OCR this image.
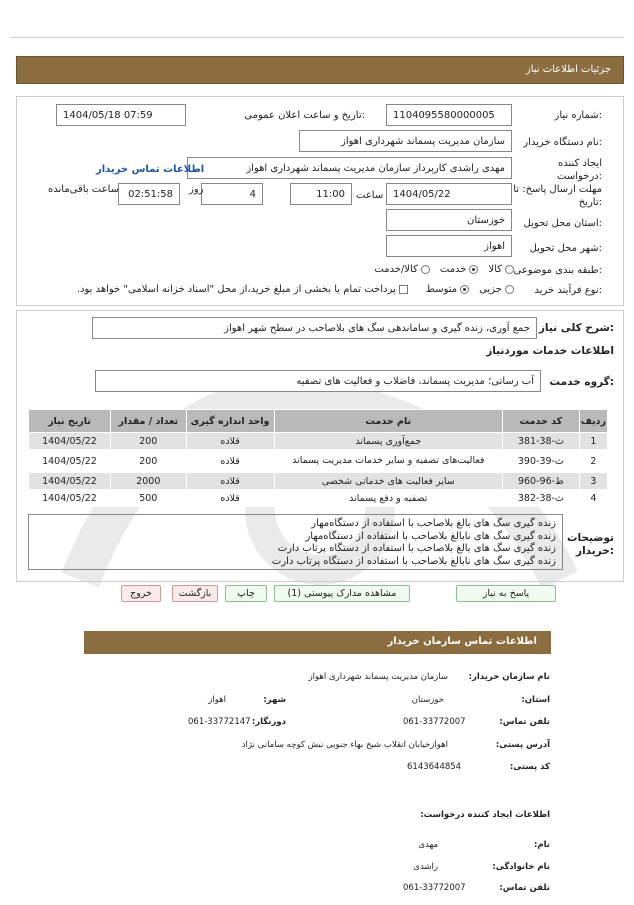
جزئیات اطلاعات نیاز
شماره نیاز:
1104095580000005
تاریخ و ساعت اعلان عمومی:
1404/05/18 07:59
نام دستگاه خریدار:
سازمان مدیریت پسماند شهرداری اهواز
ایجاد کننده درخواست:
مهدی راشدی کارپرداز سازمان مدیریت پسماند شهرداری اهواز
اطلاعات تماس خریدار
مهلت ارسال پاسخ: تا تاریخ:
1404/05/22
ساعت
11:00
4
روز
02:51:58
ساعت باقی‌مانده
استان محل تحویل:
خوزستان
شهر محل تحویل:
اهواز
طبقه بندی موضوعی:
کالا
خدمت
کالا/خدمت
نوع فرآیند خرید:
جزیی
متوسط
پرداخت تمام یا بخشی از مبلغ خرید،از محل "اسناد خزانه اسلامی" خواهد بود.
شرح کلی نیاز:
جمع آوری، زنده گیری و ساماندهی سگ های بلاصاحب در سطح شهر اهواز
اطلاعات خدمات موردنیاز
گروه خدمت:
آب رسانی؛ مدیریت پسماند، فاضلاب و فعالیت های تصفیه
ردیف	کد خدمت	نام خدمت	واحد اندازه گیری	تعداد / مقدار	تاریخ نیاز
1	ث-38-381	جمع‌آوری پسماند	قلاده	200	1404/05/22
2	ث-39-390	فعالیت‌های تصفیه و سایر خدمات مدیریت پسماند	قلاده	200	1404/05/22
3	ط-96-960	سایر فعالیت های خدماتی شخصی	قلاده	2000	1404/05/22
4	ث-38-382	تصفیه و دفع پسماند	قلاده	500	1404/05/22
توضیحات خریدار:
زنده گیری سگ های بالغ بلاصاحب با استفاده از دستگاه‌مهار
زنده گیری سگ های نابالغ بلاصاحب با استفاده از دستگاه‌مهار
زنده گیری سگ های بالغ بلاصاحب با استفاده از دستگاه پرتاب دارت
زنده گیری سگ های نابالغ بلاصاحب با استفاده از دستگاه پرتاب دارت
پاسخ به نیاز
مشاهده مدارک پیوستی (1)
چاپ
بازگشت
خروج
اطلاعات تماس سازمان خریدار
نام سازمان خریدار:
سازمان مدیریت پسماند شهرداری اهواز
استان:
خوزستان
شهر:
اهواز
تلفن تماس:
061-33772007
دورنگار:
061-33772147
آدرس پستی:
اهوازخیابان انقلاب شیخ بهاء جنوبی نبش کوچه سامانی نژاد
کد پستی:
6143644854
اطلاعات ایجاد کننده درخواست:
نام:
مهدی
نام خانوادگی:
راشدی
تلفن تماس:
061-33772007
